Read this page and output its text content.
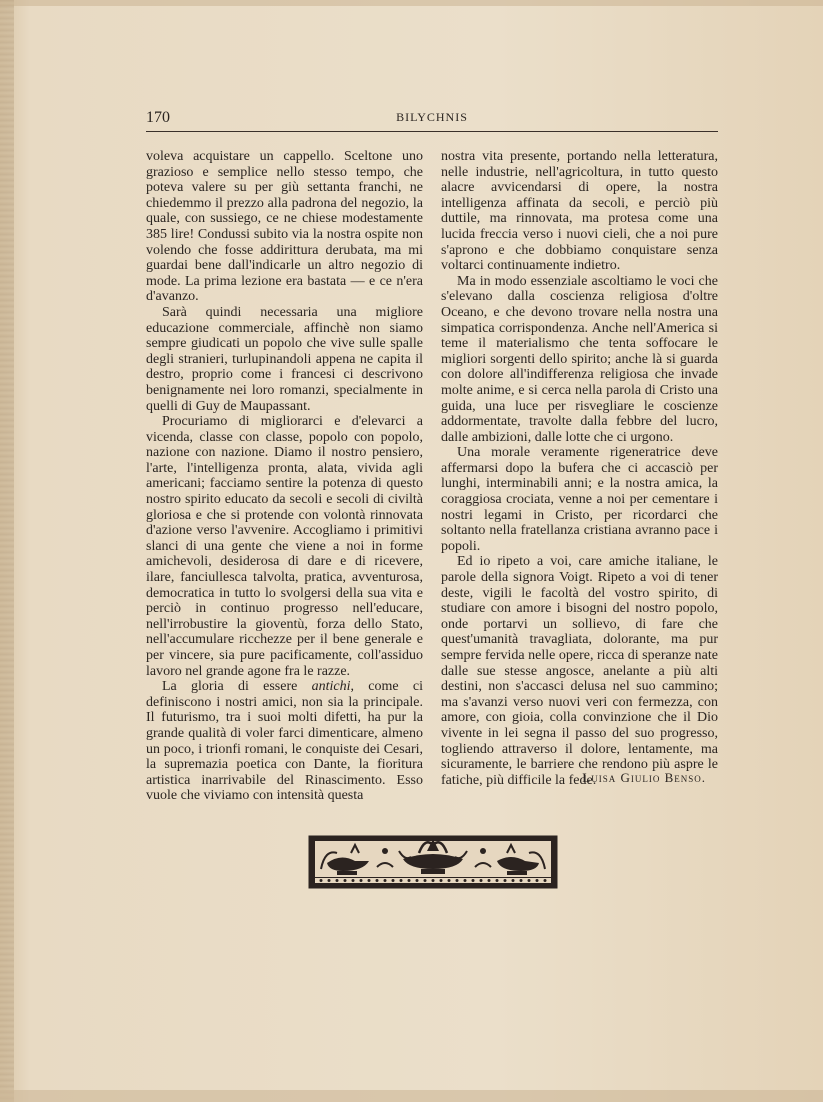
170	BILYCHNIS

voleva acquistare un cappello. Sceltone uno grazioso e semplice nello stesso tempo, che poteva valere su per giù settanta franchi, ne chiedemmo il prezzo alla padrona del negozio, la quale, con sussiego, ce ne chiese modestamente 385 lire! Condussi subito via la nostra ospite non volendo che fosse addirittura derubata, ma mi guardai bene dall'indicarle un altro negozio di mode. La prima lezione era bastata — e ce n'era d'avanzo.

Sarà quindi necessaria una migliore educazione commerciale, affinchè non siamo sempre giudicati un popolo che vive sulle spalle degli stranieri, turlupinandoli appena ne capita il destro, proprio come i francesi ci descrivono benignamente nei loro romanzi, specialmente in quelli di Guy de Maupassant.

Procuriamo di migliorarci e d'elevarci a vicenda, classe con classe, popolo con popolo, nazione con nazione. Diamo il nostro pensiero, l'arte, l'intelligenza pronta, alata, vivida agli americani; facciamo sentire la potenza di questo nostro spirito educato da secoli e secoli di civiltà gloriosa e che si protende con volontà rinnovata d'azione verso l'avvenire. Accogliamo i primitivi slanci di una gente che viene a noi in forme amichevoli, desiderosa di dare e di ricevere, ilare, fanciullesca talvolta, pratica, avventurosa, democratica in tutto lo svolgersi della sua vita e perciò in continuo progresso nell'educare, nell'irrobustire la gioventù, forza dello Stato, nell'accumulare ricchezze per il bene generale e per vincere, sia pure pacificamente, coll'assiduo lavoro nel grande agone fra le razze.

La gloria di essere antichi, come ci definiscono i nostri amici, non sia la principale. Il futurismo, tra i suoi molti difetti, ha pur la grande qualità di voler farci dimenticare, almeno un poco, i trionfi romani, le conquiste dei Cesari, la supremazia poetica con Dante, la fioritura artistica inarrivabile del Rinascimento. Esso vuole che viviamo con intensità questa

nostra vita presente, portando nella letteratura, nelle industrie, nell'agricoltura, in tutto questo alacre avvicendarsi di opere, la nostra intelligenza affinata da secoli, e perciò più duttile, ma rinnovata, ma protesa come una lucida freccia verso i nuovi cieli, che a noi pure s'aprono e che dobbiamo conquistare senza voltarci continuamente indietro.

Ma in modo essenziale ascoltiamo le voci che s'elevano dalla coscienza religiosa d'oltre Oceano, e che devono trovare nella nostra una simpatica corrispondenza. Anche nell'America si teme il materialismo che tenta soffocare le migliori sorgenti dello spirito; anche là si guarda con dolore all'indifferenza religiosa che invade molte anime, e si cerca nella parola di Cristo una guida, una luce per risvegliare le coscienze addormentate, travolte dalla febbre del lucro, dalle ambizioni, dalle lotte che ci urgono.

Una morale veramente rigeneratrice deve affermarsi dopo la bufera che ci accasciò per lunghi, interminabili anni; e la nostra amica, la coraggiosa crociata, venne a noi per cementare i nostri legami in Cristo, per ricordarci che soltanto nella fratellanza cristiana avranno pace i popoli.

Ed io ripeto a voi, care amiche italiane, le parole della signora Voigt. Ripeto a voi di tener deste, vigili le facoltà del vostro spirito, di studiare con amore i bisogni del nostro popolo, onde portarvi un sollievo, di fare che quest'umanità travagliata, dolorante, ma pur sempre fervida nelle opere, ricca di speranze nate dalle sue stesse angosce, anelante a più alti destini, non s'accasci delusa nel suo cammino; ma s'avanzi verso nuovi veri con fermezza, con amore, con gioia, colla convinzione che il Dio vivente in lei segna il passo del suo progresso, togliendo attraverso il dolore, lentamente, ma sicuramente, le barriere che rendono più aspre le fatiche, più difficile la fede.

Luisa Giulio Benso.
